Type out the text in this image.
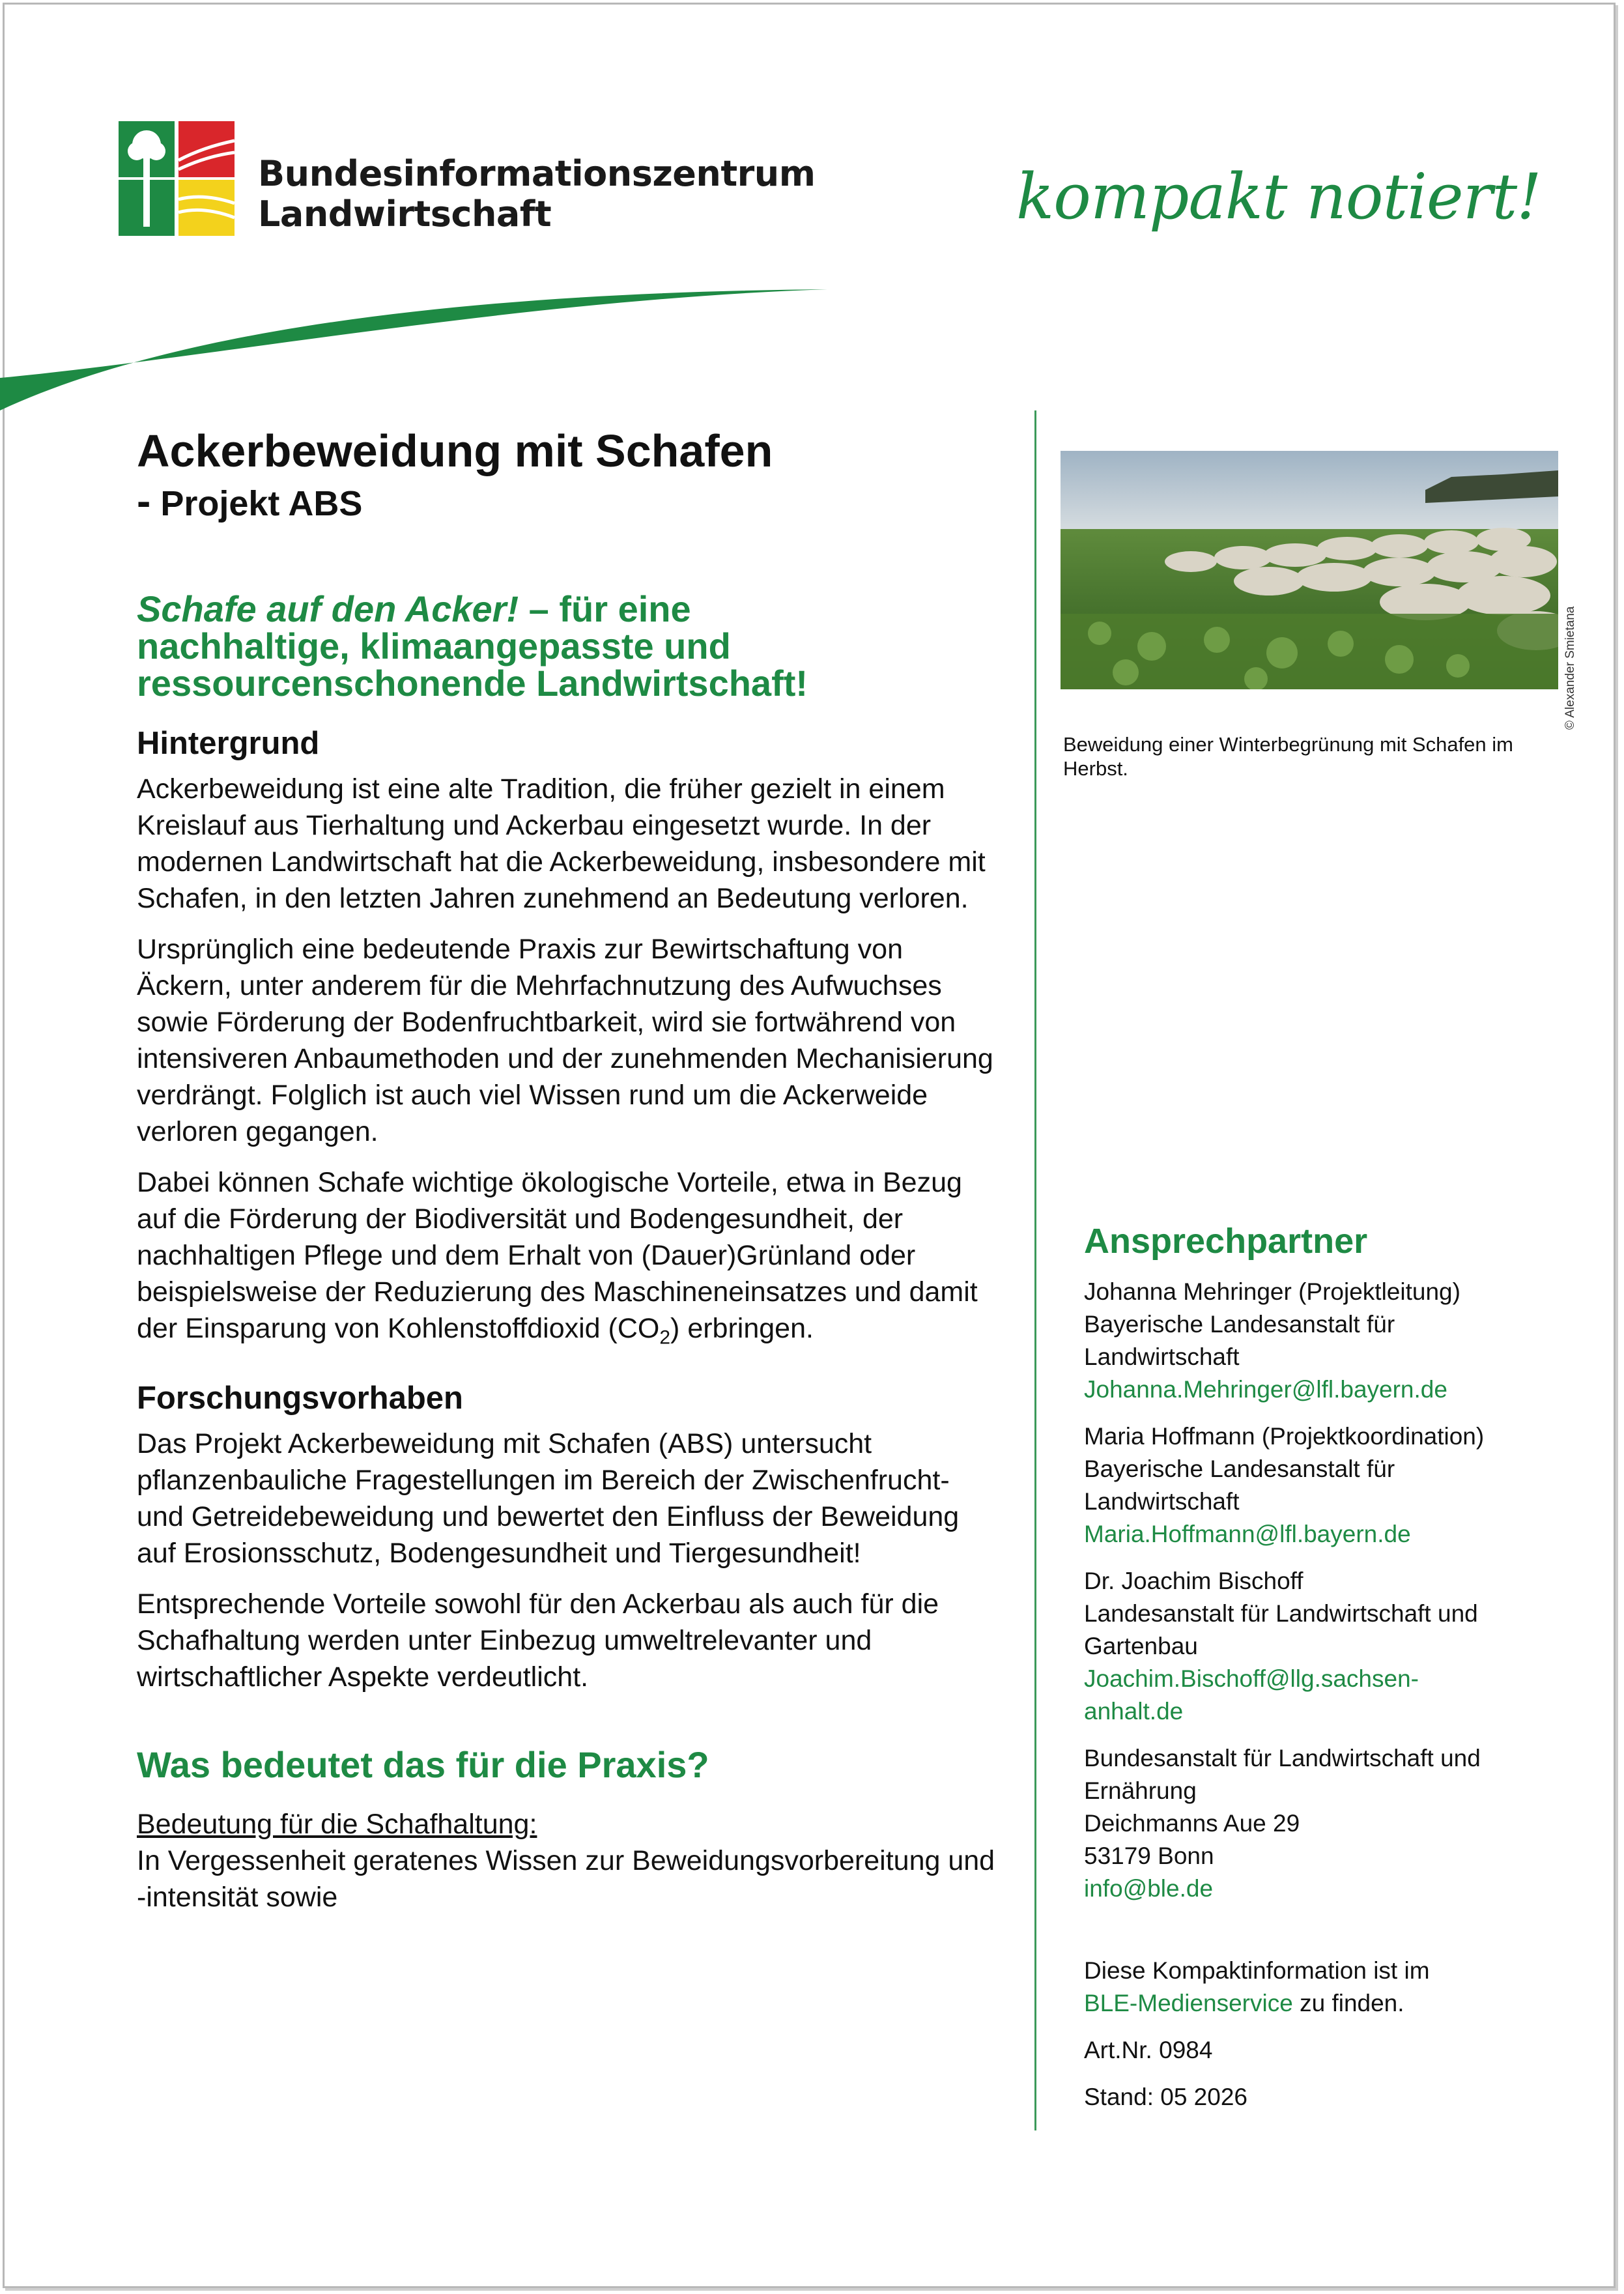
Bundesinformationszentrum
Landwirtschaft	kompakt notiert!
Ackerbeweidung mit Schafen
- Projekt ABS
Schafe auf den Acker! – für eine
nachhaltige, klimaangepasste und
ressourcenschonende Landwirtschaft!
Hintergrund

Ackerbeweidung ist eine alte Tradition, die früher gezielt in einem Kreislauf aus Tierhaltung und Ackerbau eingesetzt wurde. In der modernen Landwirtschaft hat die Ackerbeweidung, insbesondere mit Schafen, in den letzten Jahren zunehmend an Bedeutung verloren.

Ursprünglich eine bedeutende Praxis zur Bewirtschaftung von Äckern, unter anderem für die Mehrfachnutzung des Aufwuchses sowie Förderung der Bodenfruchtbarkeit, wird sie fortwährend von intensiveren Anbaumethoden und der zunehmenden Mechanisierung verdrängt. Folglich ist auch viel Wissen rund um die Ackerweide verloren gegangen.

Dabei können Schafe wichtige ökologische Vorteile, etwa in Bezug auf die Förderung der Biodiversität und Bodengesundheit, der nachhaltigen Pflege und dem Erhalt von (Dauer)Grünland oder beispielsweise der Reduzierung des Maschineneinsatzes und damit der Einsparung von Kohlenstoffdioxid $(CO_2)$ erbringen.

Forschungsvorhaben

Das Projekt Ackerbeweidung mit Schafen (ABS) untersucht pflanzenbauliche Fragestellungen im Bereich der Zwischenfrucht- und Getreidebeweidung und bewertet den Einfluss der Beweidung auf Erosionsschutz, Bodengesundheit und Tiergesundheit!

Entsprechende Vorteile sowohl für den Ackerbau als auch für die Schafhaltung werden unter Einbezug umweltrelevanter und wirtschaftlicher Aspekte verdeutlicht.

Was bedeutet das für die Praxis?

Bedeutung für die Schafhaltung:

In Vergessenheit geratenes Wissen zur Beweidungsvorbereitung und -intensität sowie

© Alexander Smietana
Beweidung einer Winterbegrünung mit Schafen im Herbst.
Ansprechpartner
Johanna Mehringer (Projektleitung)
Bayerische Landesanstalt für
Landwirtschaft
Johanna.Mehringer@lfl.bayern.de
Maria Hoffmann (Projektkoordination)
Bayerische Landesanstalt für
Landwirtschaft
Maria.Hoffmann@lfl.bayern.de
Dr. Joachim Bischoff
Landesanstalt für Landwirtschaft und
Gartenbau
Joachim.Bischoff@llg.sachsen-
anhalt.de
Bundesanstalt für Landwirtschaft und
Ernährung
Deichmanns Aue 29
53179 Bonn
info@ble.de
Diese Kompaktinformation ist im
BLE-Medienservice zu finden.
Art.Nr. 0984
Stand: 05 2026
